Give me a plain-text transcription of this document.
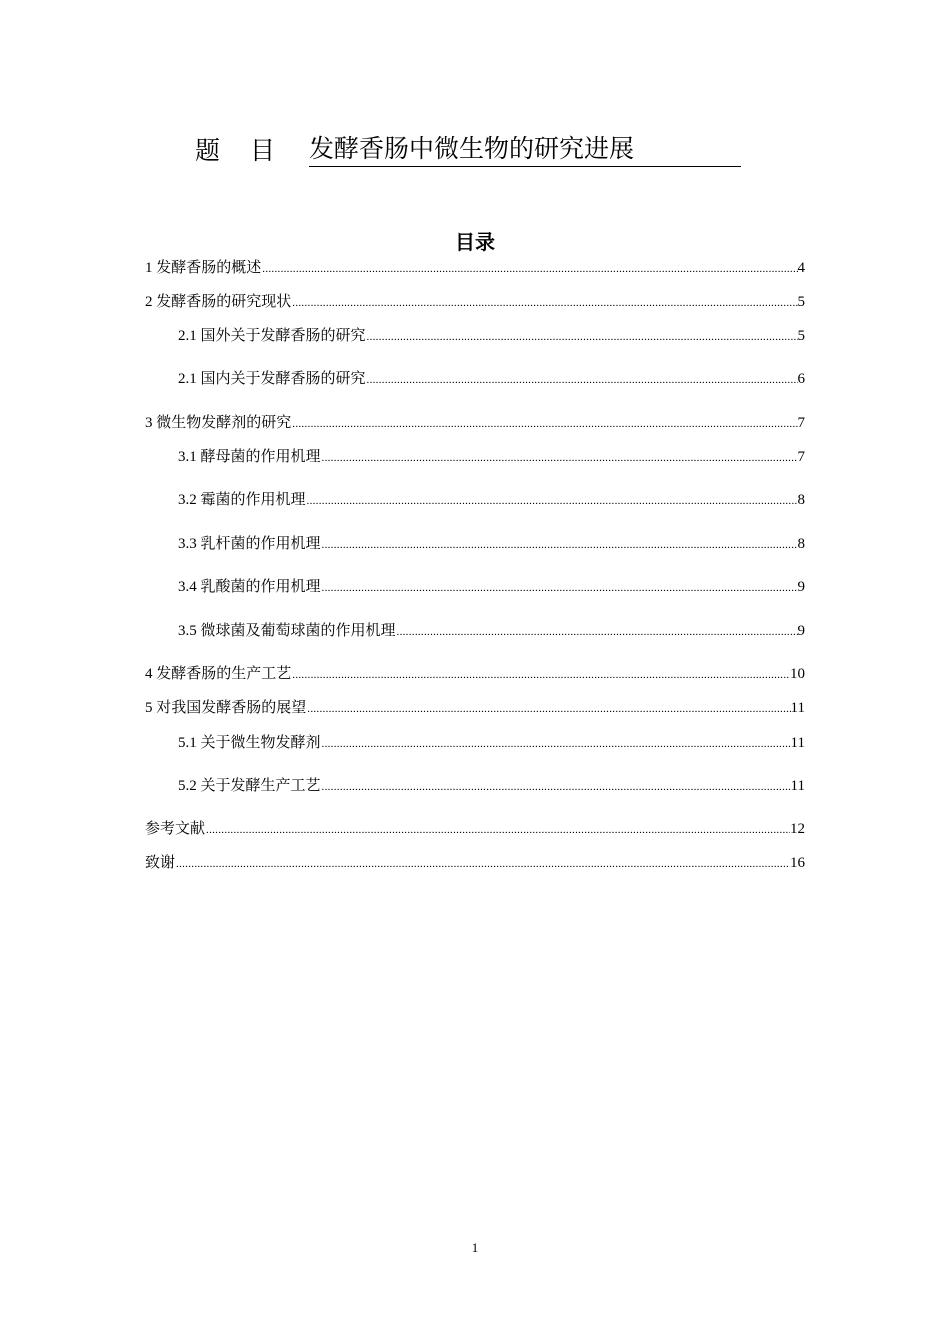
题 目 发酵香肠中微生物的研究进展
目录
1 发酵香肠的概述 .....	4
2 发酵香肠的研究现状 .....	5
2.1 国外关于发酵香肠的研究 .....	5
2.1 国内关于发酵香肠的研究 .....	6
3 微生物发酵剂的研究 .....	7
3.1 酵母菌的作用机理 .....	7
3.2 霉菌的作用机理 .....	8
3.3 乳杆菌的作用机理 .....	8
3.4 乳酸菌的作用机理 .....	9
3.5 微球菌及葡萄球菌的作用机理 .....	9
4 发酵香肠的生产工艺 .....	10
5 对我国发酵香肠的展望 .....	11
5.1 关于微生物发酵剂 .....	11
5.2 关于发酵生产工艺 .....	11
参考文献 .....	12
致谢 .....	16
1
